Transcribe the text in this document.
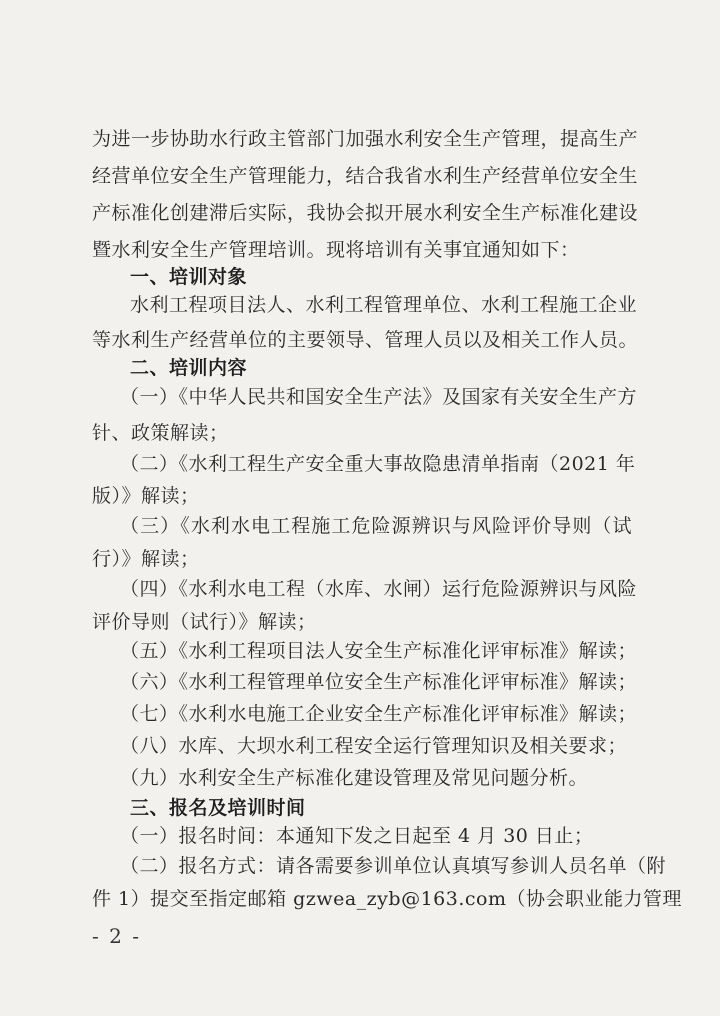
为进一步协助水行政主管部门加强水利安全生产管理，提高生产
经营单位安全生产管理能力，结合我省水利生产经营单位安全生
产标准化创建滞后实际，我协会拟开展水利安全生产标准化建设
暨水利安全生产管理培训。现将培训有关事宜通知如下：
一、培训对象
水利工程项目法人、水利工程管理单位、水利工程施工企业
等水利生产经营单位的主要领导、管理人员以及相关工作人员。
二、培训内容
（一）《中华人民共和国安全生产法》及国家有关安全生产方
针、政策解读；
（二）《水利工程生产安全重大事故隐患清单指南（2021 年
版）》解读；
（三）《水利水电工程施工危险源辨识与风险评价导则（试
行）》解读；
（四）《水利水电工程（水库、水闸）运行危险源辨识与风险
评价导则（试行）》解读；
（五）《水利工程项目法人安全生产标准化评审标准》解读；
（六）《水利工程管理单位安全生产标准化评审标准》解读；
（七）《水利水电施工企业安全生产标准化评审标准》解读；
（八）水库、大坝水利工程安全运行管理知识及相关要求；
（九）水利安全生产标准化建设管理及常见问题分析。
三、报名及培训时间
（一）报名时间：本通知下发之日起至 4 月 30 日止；
（二）报名方式：请各需要参训单位认真填写参训人员名单（附
件 1）提交至指定邮箱 gzwea_zyb@163.com（协会职业能力管理
- 2 -
